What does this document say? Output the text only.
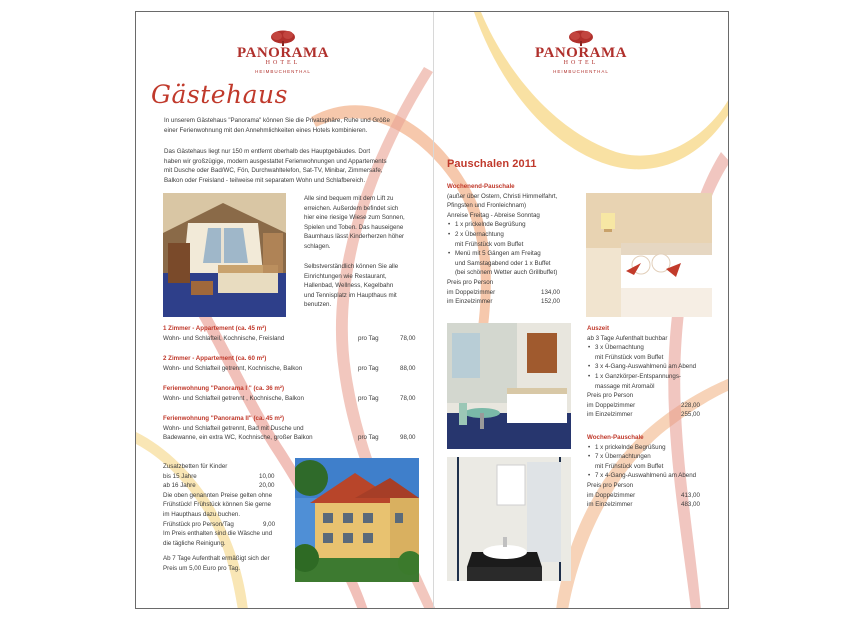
PANORAMA
HOTEL
HEIMBUCHENTHAL
PANORAMA
HOTEL
HEIMBUCHENTHAL
Gästehaus
In unserem Gästehaus "Panorama" können Sie die Privatsphäre, Ruhe und Größe
einer Ferienwohnung mit den Annehmlichkeiten eines Hotels kombinieren.
Das Gästehaus liegt nur 150 m entfernt oberhalb des Hauptgebäudes. Dort
haben wir großzügige, modern ausgestattet Ferienwohnungen und Appartements
mit Dusche oder Bad/WC, Fön, Durchwahltelefon, Sat-TV, Minibar, Zimmersafe,
Balkon oder Freisland - teilweise mit separatem Wohn und Schlafbereich.
Alle sind bequem mit dem Lift zu
erreichen. Außerdem befindet sich
hier eine riesige Wiese zum Sonnen,
Spielen und Toben. Das hauseigene
Baumhaus lässt Kinderherzen höher
schlagen.
Selbstverständlich können Sie alle
Einrichtungen wie Restaurant,
Hallenbad, Wellness, Kegelbahn
und Tennisplatz im Haupthaus mit
benutzen.
1 Zimmer - Appartement (ca. 45 m²)
Wohn- und Schlafteil, Kochnische, Freisland	pro Tag	78,00
2 Zimmer - Appartement (ca. 60 m²)
Wohn- und Schlafteil getrennt, Kochnische, Balkon	pro Tag	88,00
Ferienwohnung "Panorama I " (ca. 36 m²)
Wohn- und Schlafteil getrennt , Kochnische, Balkon	pro Tag	78,00
Ferienwohnung "Panorama II" (ca. 45 m²)
Wohn- und Schlafteil getrennt, Bad mit Dusche und
Badewanne, ein extra WC, Kochnische, großer Balkon	pro Tag	98,00
Zusatzbetten für Kinder
bis 15 Jahre	10,00
ab 16 Jahre	20,00
Die oben genannten Preise gelten ohne
Frühstück! Frühstück können Sie gerne
im Haupthaus dazu buchen.
Frühstück pro Person/Tag	9,00
Im Preis enthalten sind die Wäsche und
die tägliche Reinigung.
Ab 7 Tage Aufenthalt ermäßigt sich der
Preis um 5,00 Euro pro Tag.
Pauschalen 2011
Wochenend-Pauschale
(außer über Ostern, Christi Himmelfahrt,
Pfingsten und Fronleichnam)
Anreise Freitag - Abreise Sonntag
• 1 x prickelnde Begrüßung
• 2 x Übernachtung
mit Frühstück vom Buffet
• Menü mit 5 Gängen am Freitag
und Samstagabend oder 1 x Buffet
(bei schönem Wetter auch Grillbuffet)
Preis pro Person
im Doppelzimmer	134,00
im Einzelzimmer	152,00
Auszeit
ab 3 Tage Aufenthalt buchbar
• 3 x Übernachtung
mit Frühstück vom Buffet
• 3 x 4-Gang-Auswahlmenü am Abend
• 1 x Ganzkörper-Entspannungs-
massage mit Aromaöl
Preis pro Person
im Doppelzimmer	228,00
im Einzelzimmer	255,00
Wochen-Pauschale
• 1 x prickelnde Begrüßung
• 7 x Übernachtungen
mit Frühstück vom Buffet
• 7 x 4-Gang-Auswahlmenü am Abend
Preis pro Person
im Doppelzimmer	413,00
im Einzelzimmer	483,00
